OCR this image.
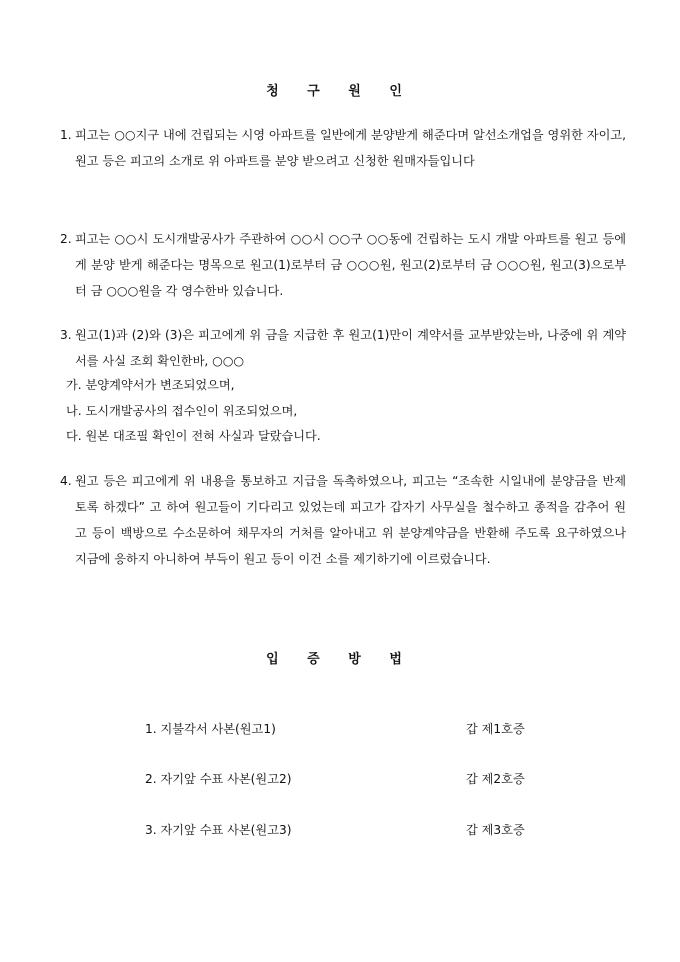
청 구 원 인
1. 피고는 ○○지구 내에 건립되는 시영 아파트를 일반에게 분양받게 해준다며 알선소개업을 영위한 자이고, 원고 등은 피고의 소개로 위 아파트를 분양 받으려고 신청한 원매자들입니다
2. 피고는 ○○시 도시개발공사가 주관하여 ○○시 ○○구 ○○동에 건립하는 도시 개발 아파트를 원고 등에게 분양 받게 해준다는 명목으로 원고(1)로부터 금 ○○○원, 원고(2)로부터 금 ○○○원, 원고(3)으로부터 금 ○○○원을 각 영수한바 있습니다.
3. 원고(1)과 (2)와 (3)은 피고에게 위 금을 지급한 후 원고(1)만이 계약서를 교부받았는바, 나중에 위 계약서를 사실 조회 확인한바, ○○○
가. 분양계약서가 변조되었으며,
나. 도시개발공사의 접수인이 위조되었으며,
다. 원본 대조필 확인이 전혀 사실과 달랐습니다.
4. 원고 등은 피고에게 위 내용을 통보하고 지급을 독촉하였으나, 피고는 “조속한 시일내에 분양금을 반제토록 하겠다” 고 하여 원고들이 기다리고 있었는데 피고가 갑자기 사무실을 철수하고 종적을 감추어 원고 등이 백방으로 수소문하여 채무자의 거처를 알아내고 위 분양계약금을 반환해 주도록 요구하였으나 지금에 응하지 아니하여 부득이 원고 등이 이건 소를 제기하기에 이르렀습니다.
입 증 방 법
1. 지불각서 사본(원고1)	갑 제1호증
2. 자기앞 수표 사본(원고2)	갑 제2호증
3. 자기앞 수표 사본(원고3)	갑 제3호증
